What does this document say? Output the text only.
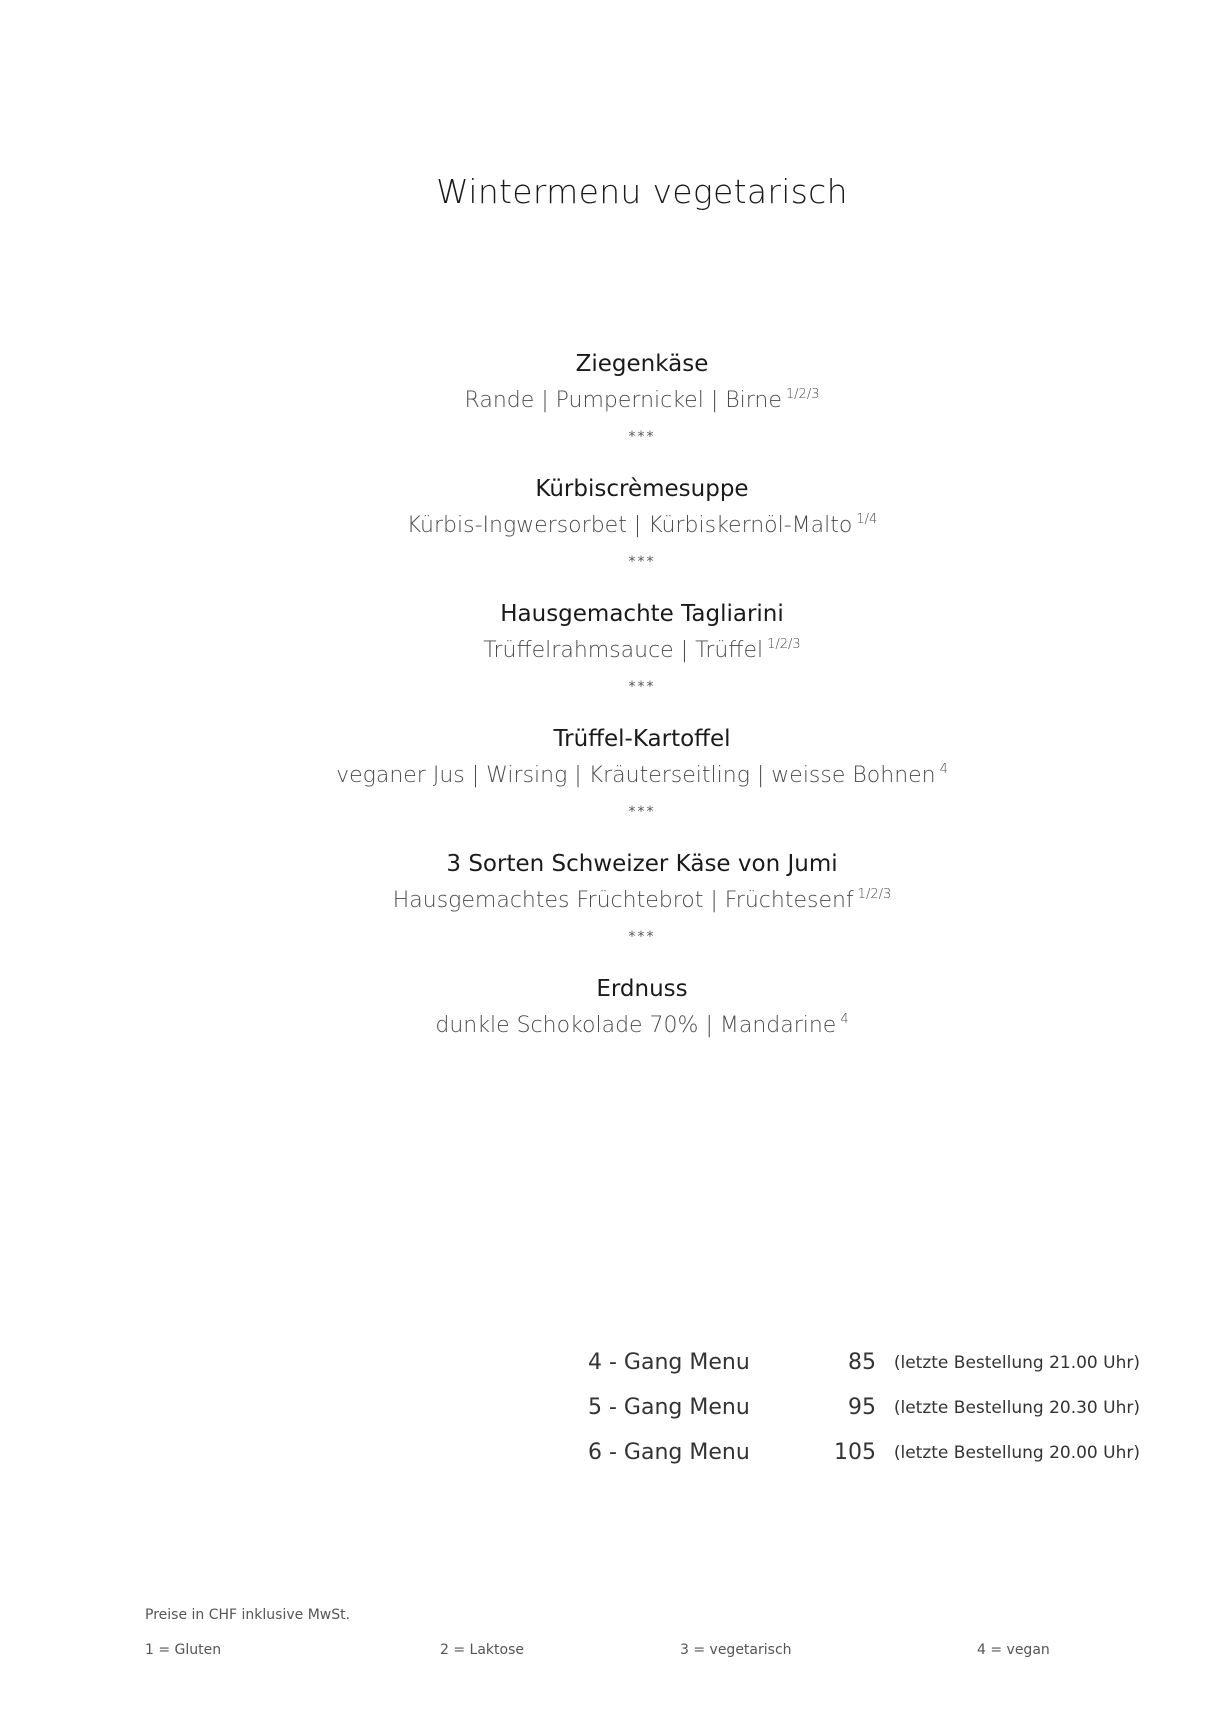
Wintermenu vegetarisch
Ziegenkäse
Rande | Pumpernickel | Birne $^{1/2/3}$
***
Kürbiscrèmesuppe
Kürbis-Ingwersorbet | Kürbiskernöl-Malto $^{1/4}$
***
Hausgemachte Tagliarini
Trüffelrahmsauce | Trüffel $^{1/2/3}$
***
Trüffel-Kartoffel
veganer Jus | Wirsing | Kräuterseitling | weisse Bohnen $^4$
***
3 Sorten Schweizer Käse von Jumi
Hausgemachtes Früchtebrot | Früchtesenf $^{1/2/3}$
***
Erdnuss
dunkle Schokolade 70% | Mandarine $^4$
4 - Gang Menu	85 (letzte Bestellung 21.00 Uhr)
5 - Gang Menu	95 (letzte Bestellung 20.30 Uhr)
6 - Gang Menu	105 (letzte Bestellung 20.00 Uhr)
Preise in CHF inklusive MwSt.
1 = Gluten	2 = Laktose	3 = vegetarisch	4 = vegan
